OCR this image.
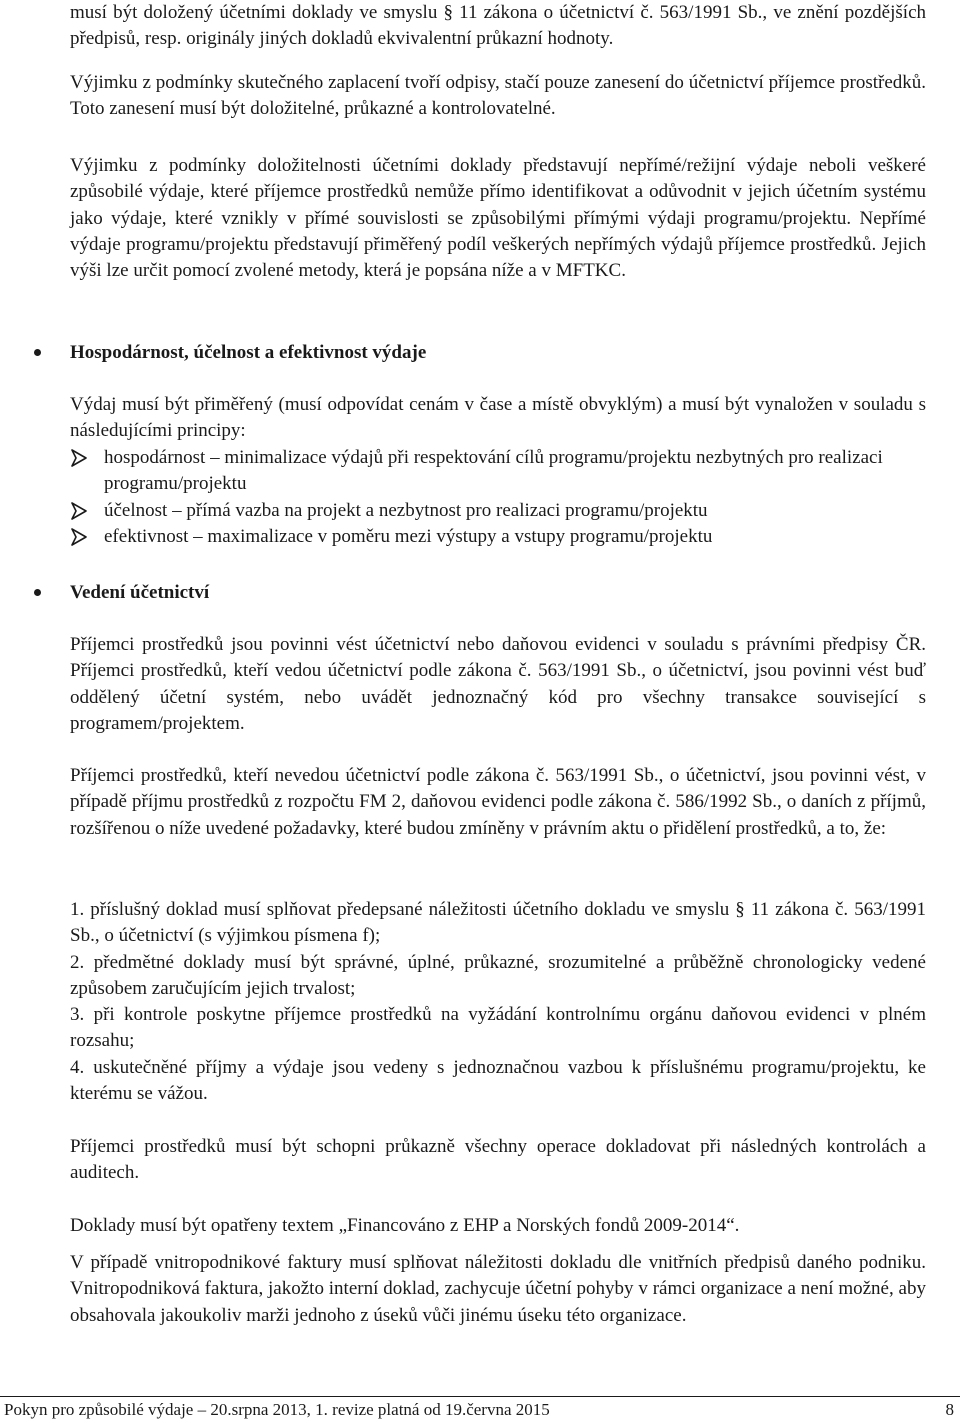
musí být doložený účetními doklady ve smyslu § 11 zákona o účetnictví č. 563/1991 Sb., ve znění pozdějších předpisů, resp. originály jiných dokladů ekvivalentní průkazní hodnoty.

Výjimku z podmínky skutečného zaplacení tvoří odpisy, stačí pouze zanesení do účetnictví příjemce prostředků. Toto zanesení musí být doložitelné, průkazné a kontrolovatelné.

Výjimku z podmínky doložitelnosti účetními doklady představují nepřímé/režijní výdaje neboli veškeré způsobilé výdaje, které příjemce prostředků nemůže přímo identifikovat a odůvodnit v jejich účetním systému jako výdaje, které vznikly v přímé souvislosti se způsobilými přímými výdaji programu/projektu. Nepřímé výdaje programu/projektu představují přiměřený podíl veškerých nepřímých výdajů příjemce prostředků. Jejich výši lze určit pomocí zvolené metody, která je popsána níže a v MFTKC.

Hospodárnost, účelnost a efektivnost výdaje

Výdaj musí být přiměřený (musí odpovídat cenám v čase a místě obvyklým) a musí být vynaložen v souladu s následujícími principy:

hospodárnost – minimalizace výdajů při respektování cílů programu/projektu nezbytných pro realizaci programu/projektu
účelnost – přímá vazba na projekt a nezbytnost pro realizaci programu/projektu
efektivnost – maximalizace v poměru mezi výstupy a vstupy programu/projektu
Vedení účetnictví

Příjemci prostředků jsou povinni vést účetnictví nebo daňovou evidenci v souladu s právními předpisy ČR. Příjemci prostředků, kteří vedou účetnictví podle zákona č. 563/1991 Sb., o účetnictví, jsou povinni vést buď oddělený účetní systém, nebo uvádět jednoznačný kód pro všechny transakce související s programem/projektem.

Příjemci prostředků, kteří nevedou účetnictví podle zákona č. 563/1991 Sb., o účetnictví, jsou povinni vést, v případě příjmu prostředků z rozpočtu FM 2, daňovou evidenci podle zákona č. 586/1992 Sb., o daních z příjmů, rozšířenou o níže uvedené požadavky, které budou zmíněny v právním aktu o přidělení prostředků, a to, že:

1. příslušný doklad musí splňovat předepsané náležitosti účetního dokladu ve smyslu § 11 zákona č. 563/1991 Sb., o účetnictví (s výjimkou písmena f);
2. předmětné doklady musí být správné, úplné, průkazné, srozumitelné a průběžně chronologicky vedené způsobem zaručujícím jejich trvalost;
3. při kontrole poskytne příjemce prostředků na vyžádání kontrolnímu orgánu daňovou evidenci v plném rozsahu;
4. uskutečněné příjmy a výdaje jsou vedeny s jednoznačnou vazbou k příslušnému programu/projektu, ke kterému se vážou.

Příjemci prostředků musí být schopni průkazně všechny operace dokladovat při následných kontrolách a auditech.

Doklady musí být opatřeny textem „Financováno z EHP a Norských fondů 2009-2014“.

V případě vnitropodnikové faktury musí splňovat náležitosti dokladu dle vnitřních předpisů daného podniku. Vnitropodniková faktura, jakožto interní doklad, zachycuje účetní pohyby v rámci organizace a není možné, aby obsahovala jakoukoliv marži jednoho z úseků vůči jinému úseku této organizace.

Pokyn pro způsobilé výdaje – 20.srpna 2013, 1. revize platná od 19.června 2015	8
